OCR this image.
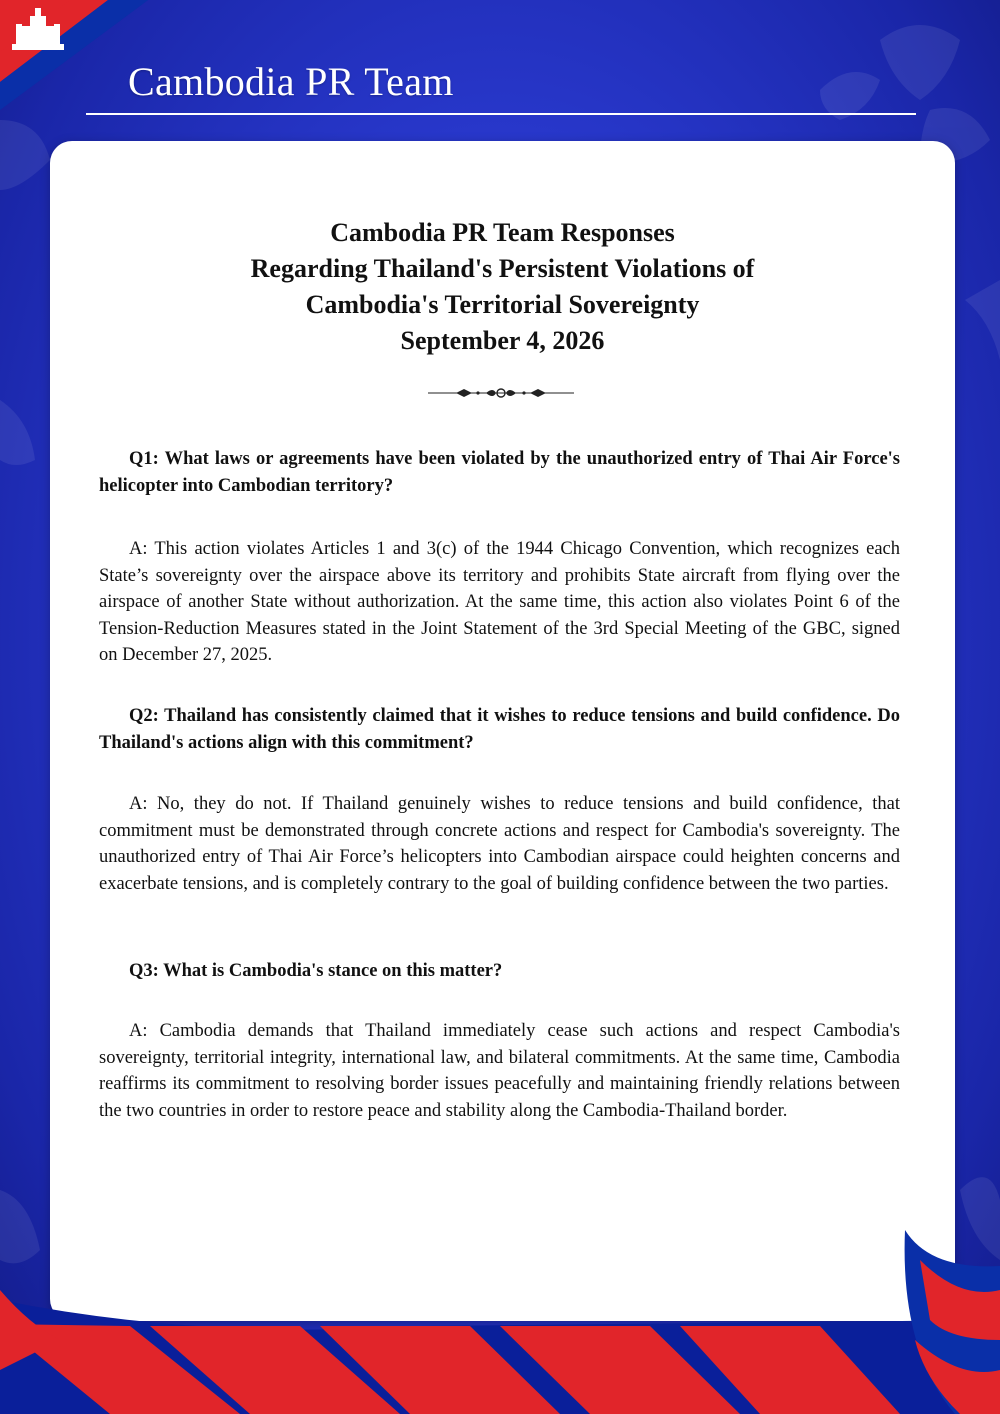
Cambodia PR Team
Cambodia PR Team Responses
Regarding Thailand's Persistent Violations of
Cambodia's Territorial Sovereignty
September 4, 2026
Q1: What laws or agreements have been violated by the unauthorized entry of Thai Air Force's helicopter into Cambodian territory?
A: This action violates Articles 1 and 3(c) of the 1944 Chicago Convention, which recognizes each State’s sovereignty over the airspace above its territory and prohibits State aircraft from flying over the airspace of another State without authorization. At the same time, this action also violates Point 6 of the Tension-Reduction Measures stated in the Joint Statement of the 3rd Special Meeting of the GBC, signed on December 27, 2025.
Q2: Thailand has consistently claimed that it wishes to reduce tensions and build confidence. Do Thailand's actions align with this commitment?
A: No, they do not. If Thailand genuinely wishes to reduce tensions and build confidence, that commitment must be demonstrated through concrete actions and respect for Cambodia's sovereignty. The unauthorized entry of Thai Air Force’s helicopters into Cambodian airspace could heighten concerns and exacerbate tensions, and is completely contrary to the goal of building confidence between the two parties.
Q3: What is Cambodia's stance on this matter?
A: Cambodia demands that Thailand immediately cease such actions and respect Cambodia's sovereignty, territorial integrity, international law, and bilateral commitments. At the same time, Cambodia reaffirms its commitment to resolving border issues peacefully and maintaining friendly relations between the two countries in order to restore peace and stability along the Cambodia-Thailand border.
